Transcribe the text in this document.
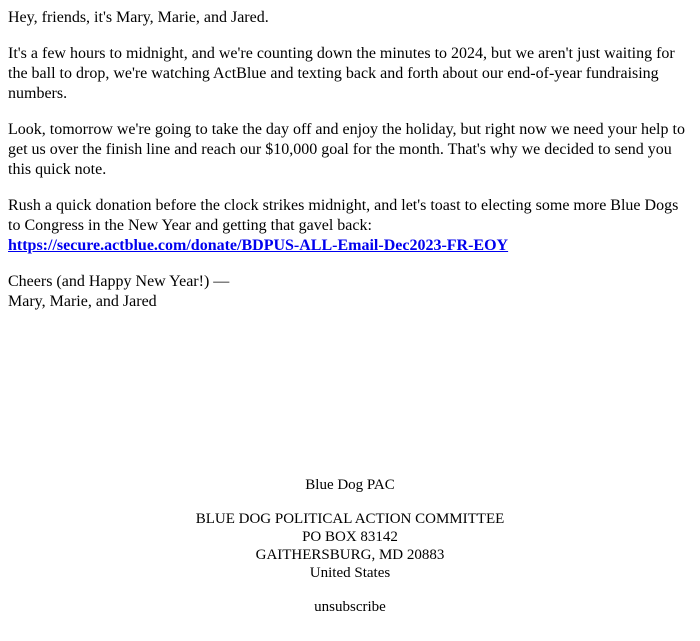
Hey, friends, it's Mary, Marie, and Jared.

It's a few hours to midnight, and we're counting down the minutes to 2024, but we aren't just waiting for the ball to drop, we're watching ActBlue and texting back and forth about our end-of-year fundraising numbers.

Look, tomorrow we're going to take the day off and enjoy the holiday, but right now we need your help to get us over the finish line and reach our $10,000 goal for the month. That's why we decided to send you this quick note.

Rush a quick donation before the clock strikes midnight, and let's toast to electing some more Blue Dogs to Congress in the New Year and getting that gavel back:
https://secure.actblue.com/donate/BDPUS-ALL-Email-Dec2023-FR-EOY

Cheers (and Happy New Year!) —
Mary, Marie, and Jared

Blue Dog PAC

BLUE DOG POLITICAL ACTION COMMITTEE
PO BOX 83142
GAITHERSBURG, MD 20883
United States

unsubscribe
